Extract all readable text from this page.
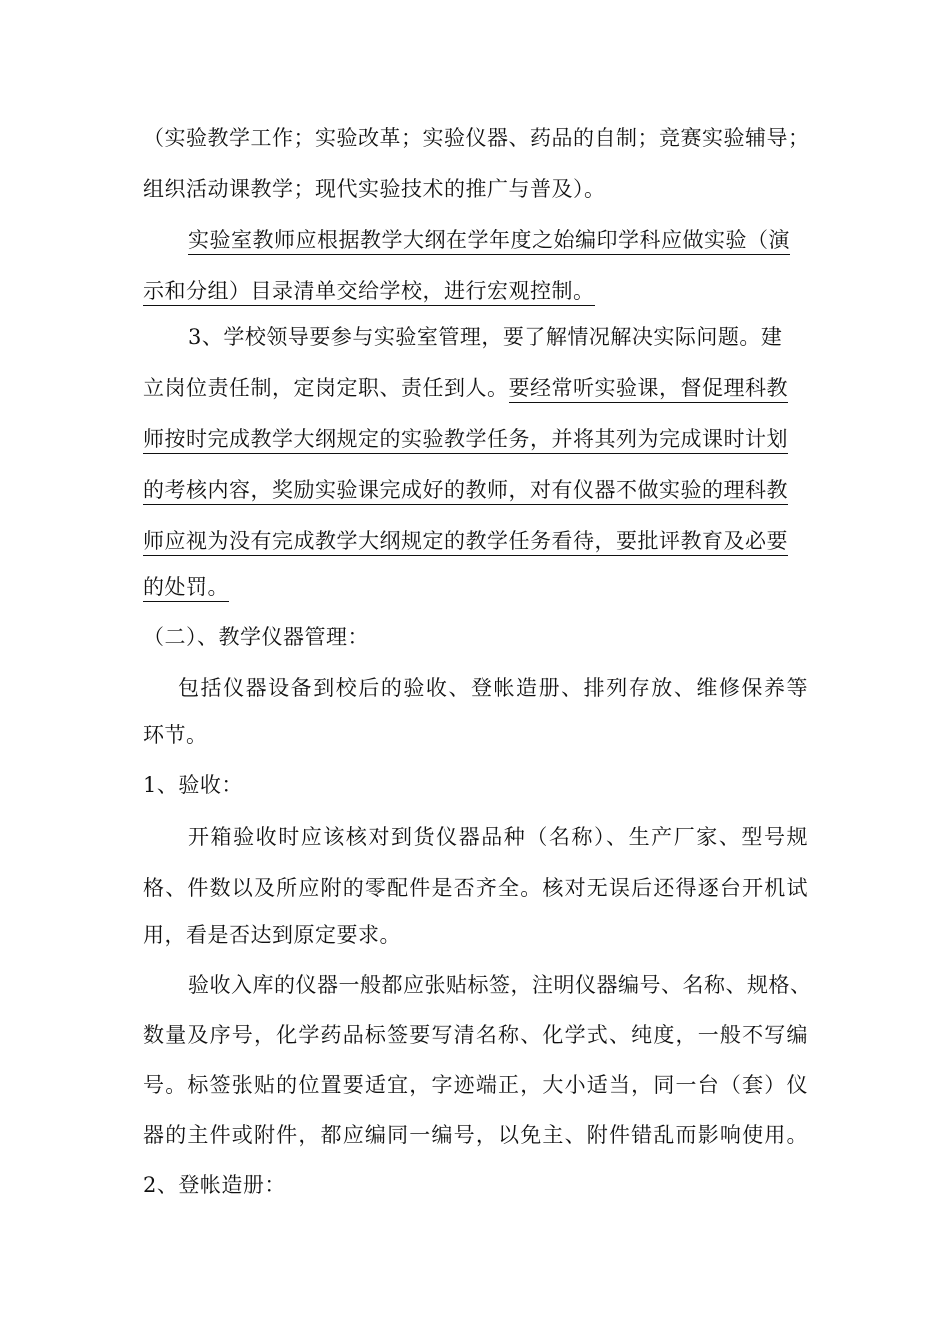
（实验教学工作；实验改革；实验仪器、药品的自制；竞赛实验辅导；
组织活动课教学；现代实验技术的推广与普及）。
实验室教师应根据教学大纲在学年度之始编印学科应做实验（演
示和分组）目录清单交给学校，进行宏观控制。
3、学校领导要参与实验室管理，要了解情况解决实际问题。建
立岗位责任制，定岗定职、责任到人。要经常听实验课，督促理科教
师按时完成教学大纲规定的实验教学任务，并将其列为完成课时计划
的考核内容，奖励实验课完成好的教师，对有仪器不做实验的理科教
师应视为没有完成教学大纲规定的教学任务看待，要批评教育及必要
的处罚。
（二）、教学仪器管理：
包括仪器设备到校后的验收、登帐造册、排列存放、维修保养等
环节。
1、验收：
开箱验收时应该核对到货仪器品种（名称）、生产厂家、型号规
格、件数以及所应附的零配件是否齐全。核对无误后还得逐台开机试
用，看是否达到原定要求。
验收入库的仪器一般都应张贴标签，注明仪器编号、名称、规格、
数量及序号，化学药品标签要写清名称、化学式、纯度，一般不写编
号。标签张贴的位置要适宜，字迹端正，大小适当，同一台（套）仪
器的主件或附件，都应编同一编号，以免主、附件错乱而影响使用。
2、登帐造册：
